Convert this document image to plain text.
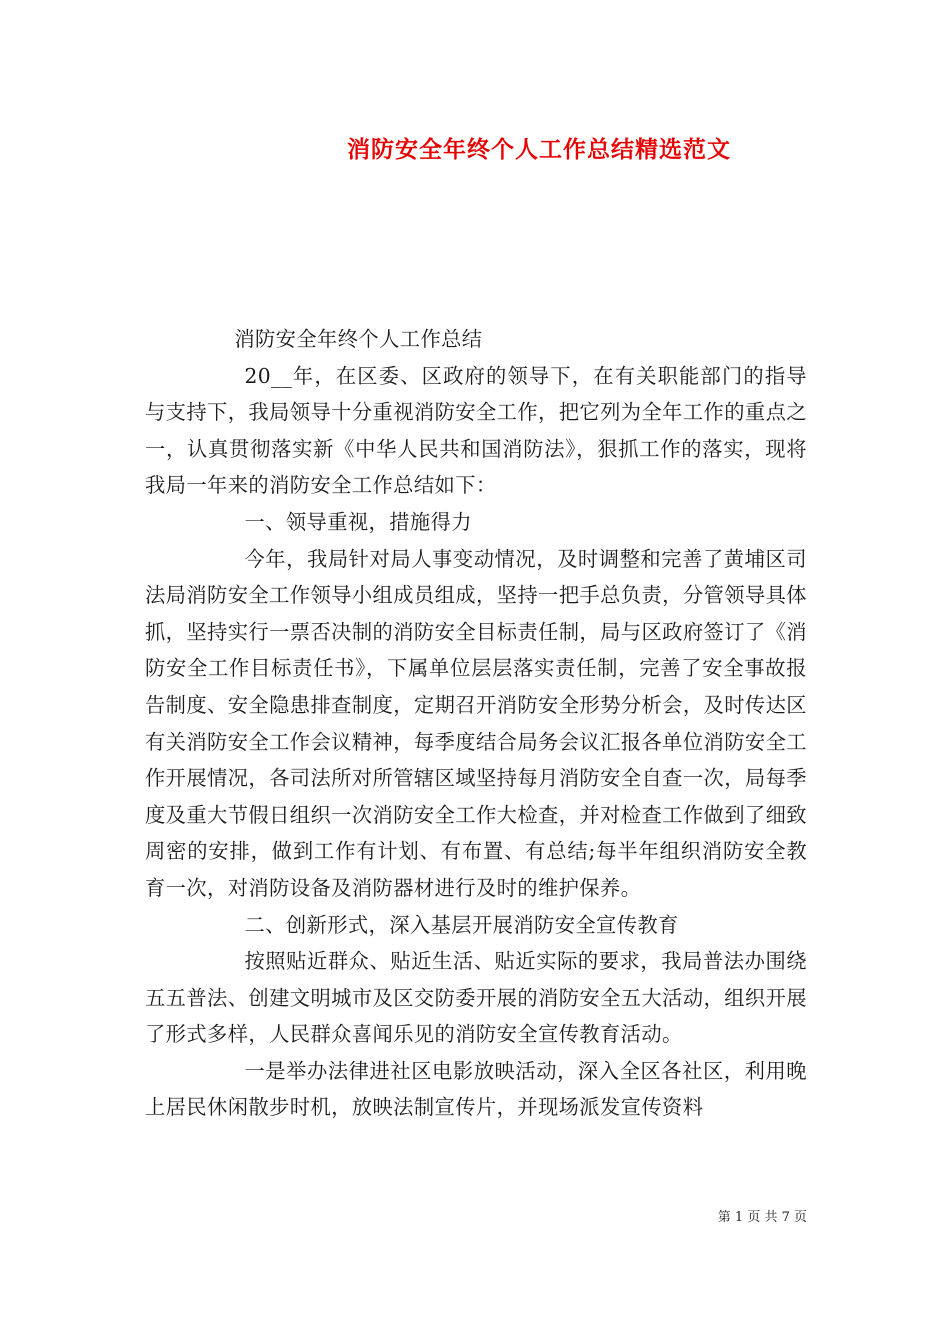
消防安全年终个人工作总结精选范文

消防安全年终个人工作总结

20__年，在区委、区政府的领导下，在有关职能部门的指导与支持下，我局领导十分重视消防安全工作，把它列为全年工作的重点之一，认真贯彻落实新《中华人民共和国消防法》，狠抓工作的落实，现将我局一年来的消防安全工作总结如下：

一、领导重视，措施得力

今年，我局针对局人事变动情况，及时调整和完善了黄埔区司法局消防安全工作领导小组成员组成，坚持一把手总负责，分管领导具体抓，坚持实行一票否决制的消防安全目标责任制，局与区政府签订了《消防安全工作目标责任书》，下属单位层层落实责任制，完善了安全事故报告制度、安全隐患排查制度，定期召开消防安全形势分析会，及时传达区有关消防安全工作会议精神，每季度结合局务会议汇报各单位消防安全工作开展情况，各司法所对所管辖区域坚持每月消防安全自查一次，局每季度及重大节假日组织一次消防安全工作大检查，并对检查工作做到了细致周密的安排，做到工作有计划、有布置、有总结;每半年组织消防安全教育一次，对消防设备及消防器材进行及时的维护保养。

二、创新形式，深入基层开展消防安全宣传教育

按照贴近群众、贴近生活、贴近实际的要求，我局普法办围绕五五普法、创建文明城市及区交防委开展的消防安全五大活动，组织开展了形式多样，人民群众喜闻乐见的消防安全宣传教育活动。

一是举办法律进社区电影放映活动，深入全区各社区，利用晚上居民休闲散步时机，放映法制宣传片，并现场派发宣传资料

第 1 页 共 7 页
